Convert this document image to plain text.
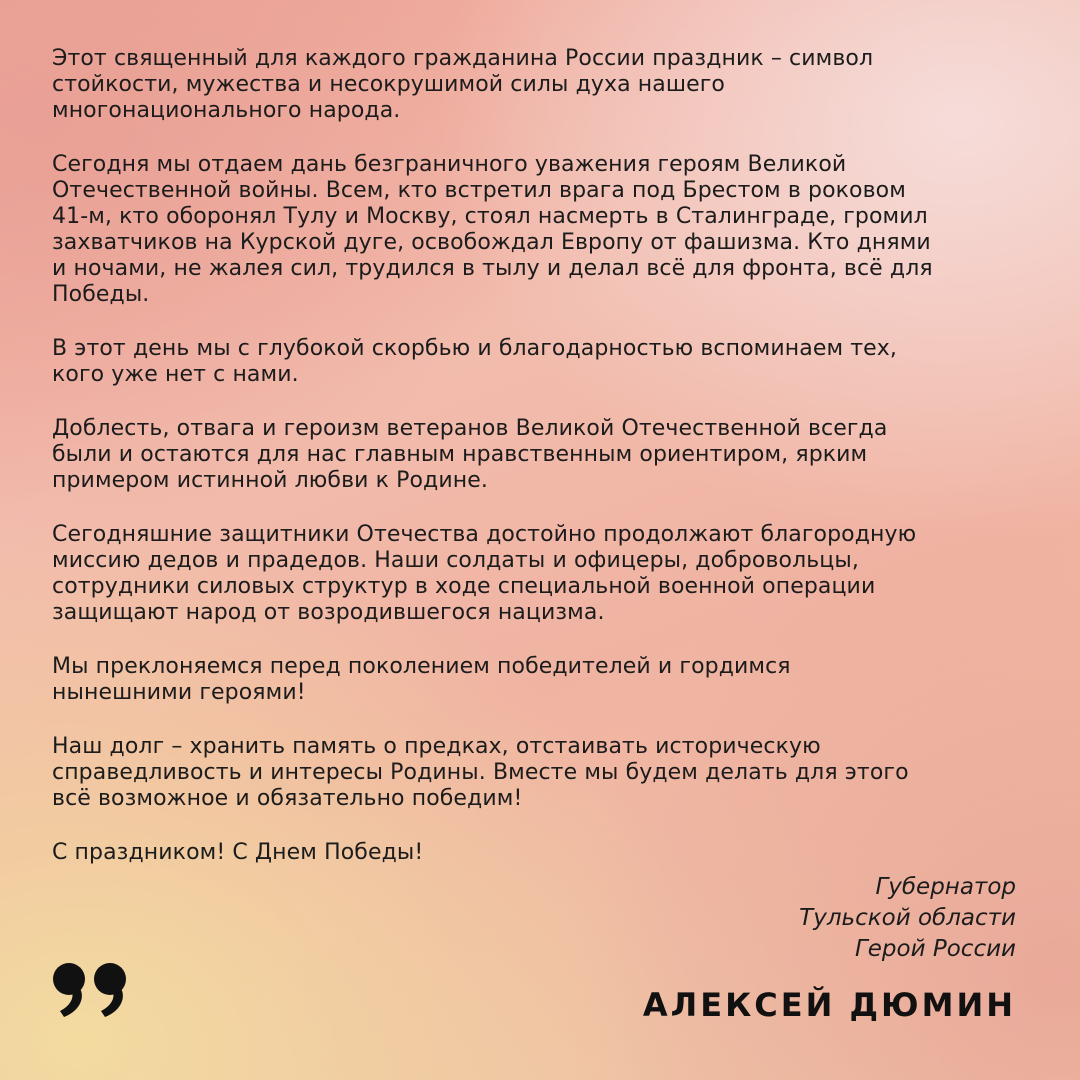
Этот священный для каждого гражданина России праздник – символ
стойкости, мужества и несокрушимой силы духа нашего
многонационального народа.

Сегодня мы отдаем дань безграничного уважения героям Великой
Отечественной войны. Всем, кто встретил врага под Брестом в роковом
41-м, кто оборонял Тулу и Москву, стоял насмерть в Сталинграде, громил
захватчиков на Курской дуге, освобождал Европу от фашизма. Кто днями
и ночами, не жалея сил, трудился в тылу и делал всё для фронта, всё для
Победы.

В этот день мы с глубокой скорбью и благодарностью вспоминаем тех,
кого уже нет с нами.

Доблесть, отвага и героизм ветеранов Великой Отечественной всегда
были и остаются для нас главным нравственным ориентиром, ярким
примером истинной любви к Родине.

Сегодняшние защитники Отечества достойно продолжают благородную
миссию дедов и прадедов. Наши солдаты и офицеры, добровольцы,
сотрудники силовых структур в ходе специальной военной операции
защищают народ от возродившегося нацизма.

Мы преклоняемся перед поколением победителей и гордимся
нынешними героями!

Наш долг – хранить память о предках, отстаивать историческую
справедливость и интересы Родины. Вместе мы будем делать для этого
всё возможное и обязательно победим!

С праздником! С Днем Победы!

Губернатор
Тульской области
Герой России
АЛЕКСЕЙ ДЮМИН
